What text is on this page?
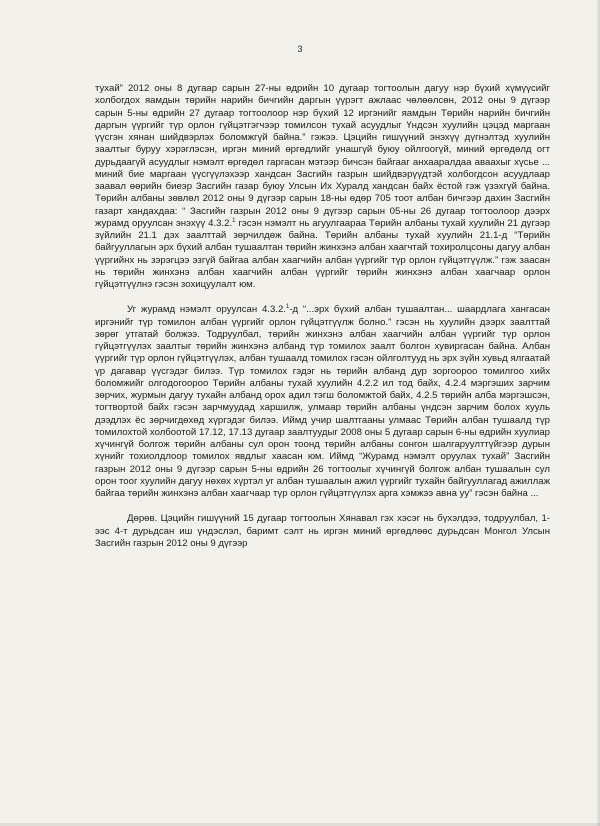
3

тухай” 2012 оны 8 дугаар сарын 27-ны өдрийн 10 дугаар тогтоолын дагуу нэр бүхий хүмүүсийг холбогдох яамдын төрийн нарийн бичгийн даргын үүрэгт ажлаас чөлөөлсөн, 2012 оны 9 дүгээр сарын 5-ны өдрийн 27 дугаар тогтоолоор нэр бүхий 12 иргэнийг яамдын Төрийн нарийн бичгийн даргын үүргийг түр орлон гүйцэтгэгчээр томилсон тухай асуудлыг Үндсэн хуулийн цэцэд маргаан үүсгэн хянан шийдвэрлэх боломжгүй байна.” гэжээ. Цэцийн гишүүний энэхүү дүгнэлтэд хуулийн заалтыг буруу хэрэглэсэн, иргэн миний өргөдлийг унашгүй буюу ойлгоогүй, миний өргөдөлд огт дурьдаагүй асуудлыг нэмэлт өргөдөл гаргасан мэтээр бичсэн байгааг анхааралдаа аваахыг хүсье ... миний бие маргаан үүсгүүлэхээр хандсан Засгийн газрын шийдвэрүүдтэй холбогдсон асуудлаар заавал өөрийн биеэр Засгийн газар буюу Улсын Их Хуралд хандсан байх ёстой гэж үзэхгүй байна. Төрийн албаны зөвлөл 2012 оны 9 дүгээр сарын 18-ны өдөр 705 тоот албан бичгээр дахин Засгийн газарт хандахдаа: “ Засгийн газрын 2012 оны 9 дүгээр сарын 05-ны 26 дугаар тогтоолоор дээрх журамд оруулсан энэхүү 4.3.2.$^1$ гэсэн нэмэлт нь агуулгаараа Төрийн албаны тухай хуулийн 21 дүгээр зүйлийн 21.1 дэх заалттай зөрчилдөж байна. Төрийн албаны тухай хуулийн 21.1-д “Төрийн байгууллагын эрх бүхий албан тушаалтан төрийн жинхэнэ албан хаагчтай тохиролцсоны дагуу албан үүргийнх нь зэрэгцээ эзгүй байгаа албан хаагчийн албан үүргийг түр орлон гүйцэтгүүлж.” гэж заасан нь төрийн жинхэнэ албан хаагчийн албан үүргийг төрийн жинхэнэ албан хаагчаар орлон гүйцэтгүүлнэ гэсэн зохицуулалт юм.

Уг журамд нэмэлт оруулсан 4.3.2.$^1$-д “...эрх бүхий албан тушаалтан... шаардлага хангасан иргэнийг түр томилон албан үүргийг орлон гүйцэтгүүлж болно.” гэсэн нь хуулийн дээрх заалттай зөрөг утгатай болжээ. Тодруулбал, төрийн жинхэнэ албан хаагчийн албан үүргийг түр орлон гүйцэтгүүлэх заалтыг төрийн жинхэнэ албанд түр томилох заалт болгон хувиргасан байна. Албан үүргийг түр орлон гүйцэтгүүлэх, албан тушаалд томилох гэсэн ойлголтууд нь эрх зүйн хувьд ялгаатай үр дагавар үүсгэдэг билээ. Түр томилох гэдэг нь төрийн албанд дур зоргоороо томилгоо хийх боломжийг олгодогоороо Төрийн албаны тухай хуулийн 4.2.2 ил тод байх, 4.2.4 мэргэших зарчим зөрчих, журмын дагуу тухайн албанд орох адил тэгш боломжтой байх, 4.2.5 төрийн алба мэргэшсэн, тогтвортой байх гэсэн зарчмуудад харшилж, улмаар төрийн албаны үндсэн зарчим болох хууль дээдлэх ёс зөрчигдөхөд хүргэдэг билээ. Иймд учир шалтгааны улмаас Төрийн албан тушаалд түр томилохтой холбоотой 17.12, 17.13 дугаар заалтуудыг 2008 оны 5 дугаар сарын 6-ны өдрийн хуулиар хүчингүй болгож төрийн албаны сул орон тоонд төрийн албаны сонгон шалгаруулттүйгээр дурын хүнийг тохиолдлоор томилох явдлыг хаасан юм. Иймд “Журамд нэмэлт оруулах тухай” Засгийн газрын 2012 оны 9 дүгээр сарын 5-ны өдрийн 26 тогтоолыг хүчингүй болгож албан тушаалын сул орон тоог хуулийн дагуу нөхөх хүртэл уг албан тушаалын ажил үүргийг тухайн байгууллагад ажиллаж байгаа төрийн жинхэнэ албан хаагчаар түр орлон гүйцэтгүүлэх арга хэмжээ авна уу” гэсэн байна ...

Дөрөв. Цэцийн гишүүний 15 дугаар тогтоолын Хянавал гэх хэсэг нь бүхэлдээ, тодруулбал, 1-ээс 4-т дурьдсан иш үндэслэл, баримт сэлт нь иргэн миний өргөдлөөс дурьдсан Монгол Улсын Засгийн газрын 2012 оны 9 дүгээр
